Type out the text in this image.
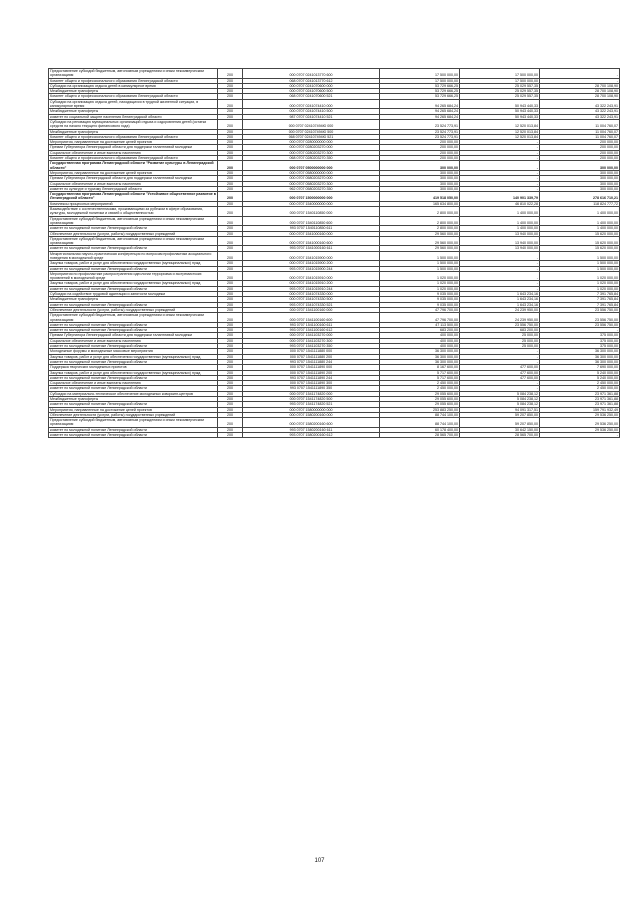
Предоставление субсидий бюджетным, автономным учреждениям и иным некоммерческим организациям	200	000 0707 0241013770 600	17 500 000,00	17 500 000,00	-
Комитет общего и профессионального образования Ленинградской области	200	068 0707 0241013770 612	17 500 000,00	17 500 000,00	-
Субсидии на организацию отдыха детей в каникулярное время	200	000 0707 0241070600 000	53 729 666,25	25 029 557,35	28 700 108,90
Межбюджетные трансферты	200	000 0707 0241070600 500	53 729 666,25	25 029 557,35	28 700 108,90
Комитет общего и профессионального образования Ленинградской области	200	068 0707 0241070600 521	53 729 666,25	25 029 557,35	28 700 108,90
Субсидии на организацию отдыха детей, находящихся в трудной жизненной ситуации, в каникулярное время	200	000 0707 0241074410 000	94 265 684,24	50 943 440,33	43 322 243,91
Межбюджетные трансферты	200	000 0707 0241074410 500	94 265 684,24	50 943 440,33	43 322 243,91
комитет по социальной защите населения Ленинградской области	200	987 0707 0241074410 521	94 265 684,24	50 943 440,33	43 322 243,91
Субсидии на реновацию муниципальных организаций отдыха и оздоровления детей (остатки средств на начало текущего финансового года)	200	000 0707 024107494Ю 000	23 524 773,91	12 520 013,84	11 004 760,07
Межбюджетные трансферты	200	000 0707 024107494Ю 500	23 524 773,91	12 520 013,84	11 004 760,07
Комитет общего и профессионального образования Ленинградской области	200	068 0707 024107494Ю 521	23 524 773,91	12 520 013,84	11 004 760,07
Мероприятия, направленные на достижение целей проектов	200	000 0707 0280000000 000	200 000,00	-	200 000,00
Премии Губернатора Ленинградской области для поддержки талантливой молодежи	200	000 0707 0280203270 000	200 000,00	-	200 000,00
Социальное обеспечение и иные выплаты населению	200	000 0707 0280203270 300	200 000,00	-	200 000,00
Комитет общего и профессионального образования Ленинградской области	200	068 0707 0280203270 350	200 000,00	-	200 000,00
Государственная программа Ленинградской области "Развитие культуры в Ленинградской области"	200	000 0707 0500000000 000	300 000,00	-	300 000,00
Мероприятия, направленные на достижение целей проектов	200	000 0707 0580000000 000	300 000,00	-	300 000,00
Премии Губернатора Ленинградской области для поддержки талантливой молодежи	200	000 0707 0580203270 000	300 000,00	-	300 000,00
Социальное обеспечение и иные выплаты населению	200	000 0707 0580203270 300	300 000,00	-	300 000,00
комитет по культуре и туризму Ленинградской области	200	962 0707 0580203270 350	300 000,00	-	300 000,00
Государственная программа Ленинградской области "Устойчивое общественное развитие в Ленинградской области"	200	000 0707 1500000000 000	419 518 050,00	140 901 339,79	278 616 710,21
Комплексы процессных мероприятий	200	000 0707 1540000000 000	165 634 800,00	46 810 022,28	118 824 777,72
Взаимодействие с соотечественниками, проживающими за рубежом в сфере образования, культуры, молодежной политики и связей с общественностью	200	000 0707 1540110850 000	2 800 000,00	1 400 000,00	1 400 000,00
Предоставление субсидий бюджетным, автономным учреждениям и иным некоммерческим организациям	200	000 0707 1540110850 600	2 800 000,00	1 400 000,00	1 400 000,00
комитет по молодежной политике Ленинградской области	200	993 0707 1540110850 611	2 800 000,00	1 400 000,00	1 400 000,00
Обеспечение деятельности (услуги, работы) государственных учреждений	200	000 0707 1541000160 000	29 560 000,00	13 940 000,00	15 620 000,00
Предоставление субсидий бюджетным, автономным учреждениям и иным некоммерческим организациям	200	000 0707 1541000160 600	29 560 000,00	13 940 000,00	15 620 000,00
комитет по молодежной политике Ленинградской области	200	993 0707 1541000160 611	29 560 000,00	13 940 000,00	15 620 000,00
Межрегиональная научно-практическая конференция по вопросам профилактики асоциального поведения в молодежной среде	200	000 0707 1541015900 000	1 500 000,00	-	1 500 000,00
Закупка товаров, работ и услуг для обеспечения государственных (муниципальных) нужд	200	000 0707 1541015900 200	1 500 000,00	-	1 500 000,00
комитет по молодежной политике Ленинградской области	200	993 0707 1541015900 244	1 500 000,00	-	1 500 000,00
Мероприятия по профилактике распространения идеологии терроризма и экстремистских проявлений в молодежной среде	200	000 0707 1541015910 000	1 020 000,00	-	1 020 000,00
Закупка товаров, работ и услуг для обеспечения государственных (муниципальных) нужд	200	000 0707 1541015910 200	1 020 000,00	-	1 020 000,00
комитет по молодежной политике Ленинградской области	200	993 0707 1541015910 244	1 020 000,00	-	1 020 000,00
Субсидии на содействие трудовой адаптации и занятости молодежи	200	000 0707 1541074330 000	9 035 000,00	1 643 234,16	7 391 765,84
Межбюджетные трансферты	200	000 0707 1541074330 500	9 035 000,00	1 643 234,16	7 391 765,84
комитет по молодежной политике Ленинградской области	200	993 0707 1541074330 521	9 035 000,00	1 643 234,16	7 391 765,84
Обеспечение деятельности (услуги, работы) государственных учреждений	200	000 0707 1541100160 000	47 796 700,00	24 239 950,00	23 556 750,00
Предоставление субсидий бюджетным, автономным учреждениям и иным некоммерческим организациям	200	000 0707 1541100160 600	47 796 700,00	24 239 950,00	23 556 750,00
комитет по молодежной политике Ленинградской области	200	993 0707 1541100160 611	47 113 500,00	23 556 750,00	23 556 750,00
комитет по молодежной политике Ленинградской области	200	993 0707 1541100160 612	683 200,00	683 200,00	-
Премии Губернатора Ленинградской области для поддержки талантливой молодежи	200	000 0707 1541103270 000	400 000,00	25 000,00	375 000,00
Социальное обеспечение и иные выплаты населению	200	000 0707 1541103270 300	400 000,00	25 000,00	375 000,00
комитет по молодежной политике Ленинградской области	200	993 0707 1541103270 350	400 000,00	25 000,00	375 000,00
Молодежные форумы и молодежные массовые мероприятия	200	000 0707 1541111880 000	36 300 000,00	-	36 300 000,00
Закупка товаров, работ и услуг для обеспечения государственных (муниципальных) нужд	200	000 0707 1541111880 200	36 300 000,00	-	36 300 000,00
комитет по молодежной политике Ленинградской области	200	993 0707 1541111880 244	36 300 000,00	-	36 300 000,00
Поддержка творческих молодежных проектов	200	000 0707 1541111890 000	8 167 600,00	477 600,00	7 690 000,00
Закупка товаров, работ и услуг для обеспечения государственных (муниципальных) нужд	200	000 0707 1541111890 200	5 717 600,00	477 600,00	5 240 000,00
комитет по молодежной политике Ленинградской области	200	993 0707 1541111890 244	5 717 600,00	477 600,00	5 240 000,00
Социальное обеспечение и иные выплаты населению	200	000 0707 1541111890 300	2 450 000,00	-	2 450 000,00
комитет по молодежной политике Ленинградской области	200	993 0707 1541111890 350	2 450 000,00	-	2 450 000,00
Субсидии на материально-техническое обеспечение молодежных коворкинг-центров	200	000 0707 1541174820 000	29 055 600,00	5 084 238,12	23 971 361,88
Межбюджетные трансферты	200	000 0707 1541174820 500	29 055 600,00	5 084 238,12	23 971 361,88
комитет по молодежной политике Ленинградской области	200	993 0707 1541174820 521	29 055 600,00	5 084 238,12	23 971 361,88
Мероприятия, направленные на достижение целей проектов	200	000 0707 1580000000 000	253 883 250,00	94 091 317,51	159 791 932,49
Обеспечение деятельности (услуги, работы) государственных учреждений	200	000 0707 1580200160 000	88 744 100,00	59 207 850,00	29 536 250,00
Предоставление субсидий бюджетным, автономным учреждениям и иным некоммерческим организациям	200	000 0707 1580200160 600	88 744 100,00	59 207 850,00	29 536 250,00
комитет по молодежной политике Ленинградской области	200	993 0707 1580200160 611	60 178 400,00	30 642 150,00	29 536 250,00
комитет по молодежной политике Ленинградской области	200	993 0707 1580200160 612	28 565 700,00	28 565 700,00	-
107
